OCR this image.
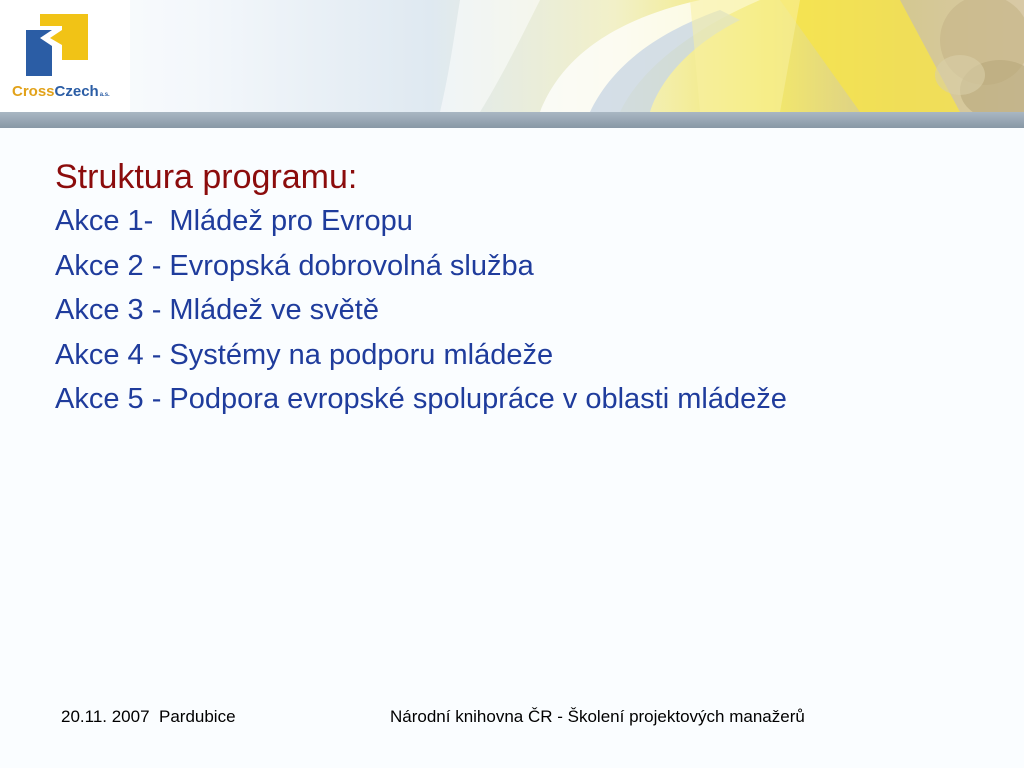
CrossCzecha.s.
Struktura programu:
Akce 1-  Mládež pro Evropu
Akce 2 - Evropská dobrovolná služba
Akce 3 - Mládež ve světě
Akce 4 - Systémy na podporu mládeže
Akce 5 - Podpora evropské spolupráce v oblasti mládeže
20.11. 2007  Pardubice	Národní knihovna ČR - Školení projektových manažerů
